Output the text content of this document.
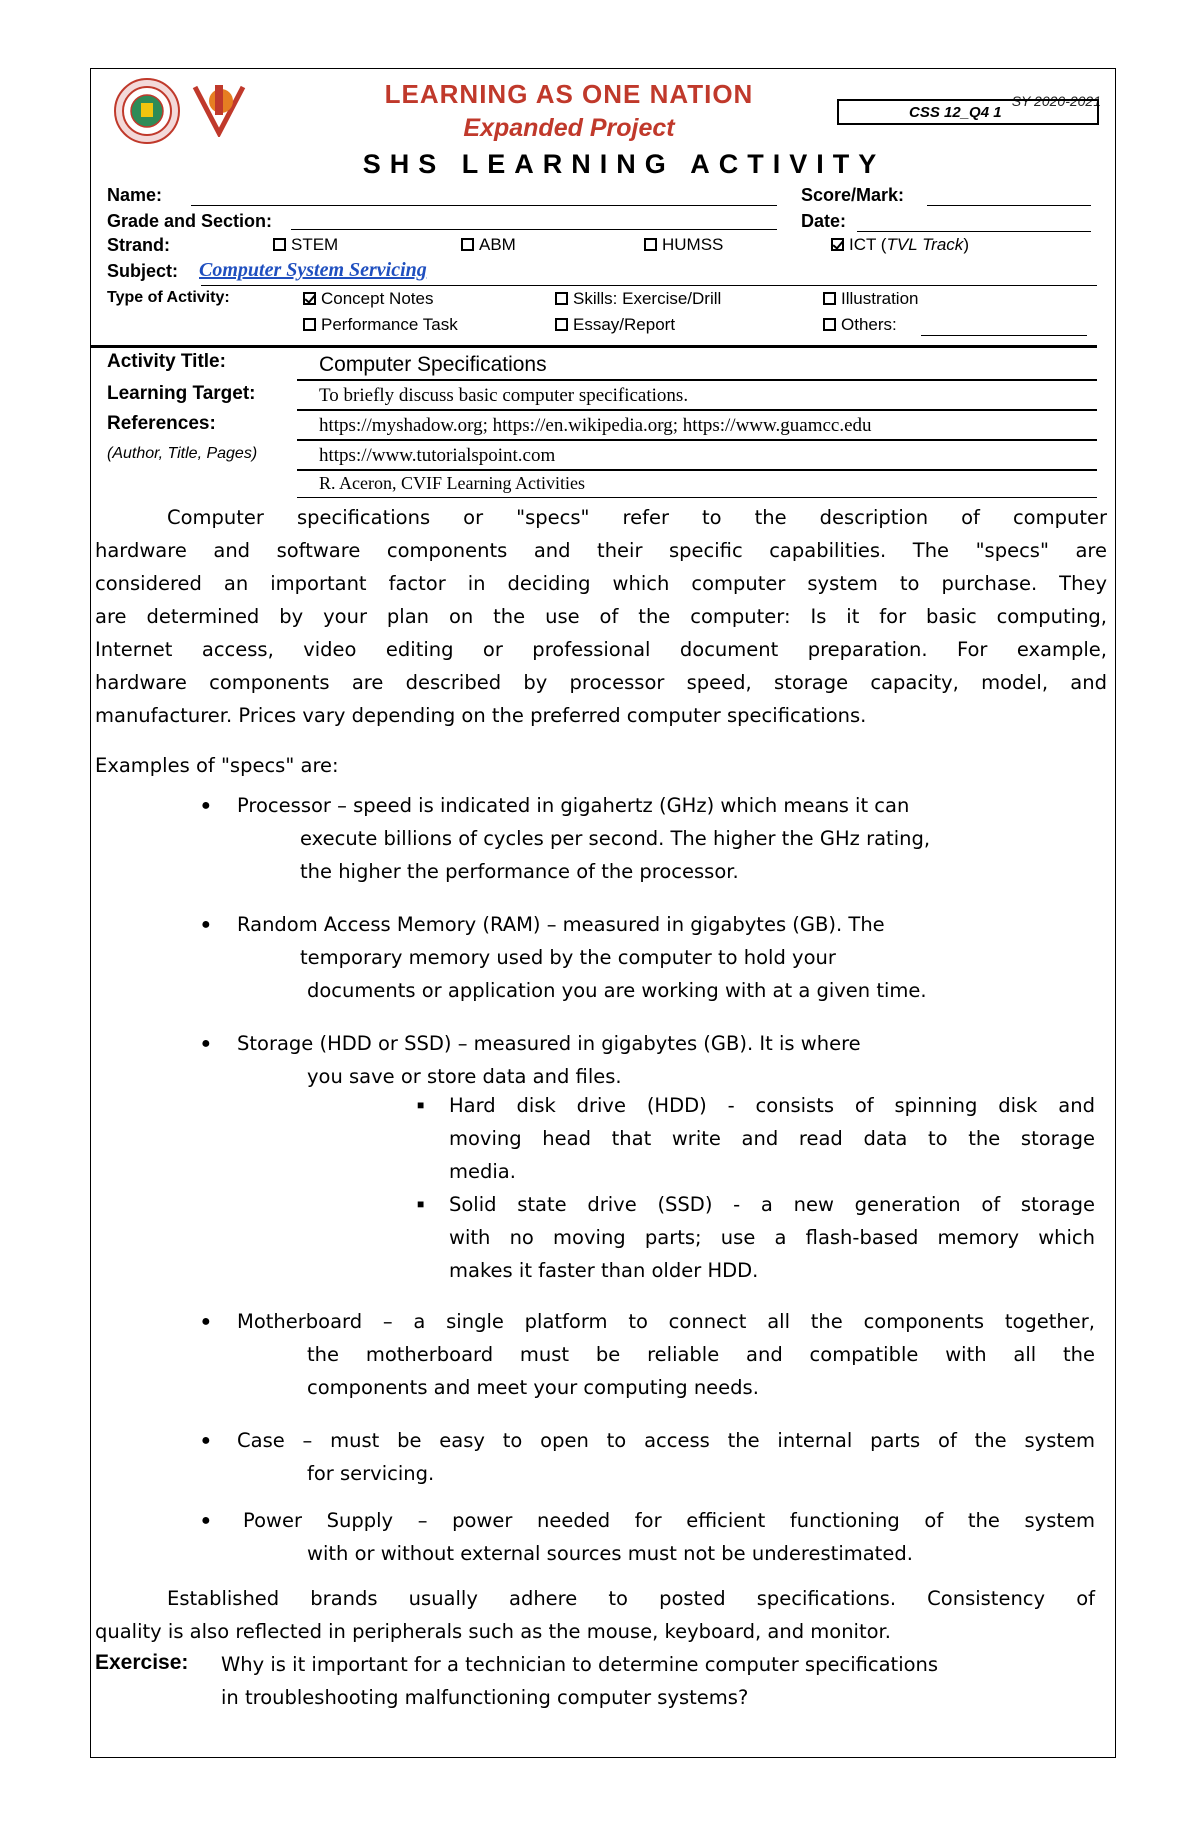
LEARNING AS ONE NATION
Expanded Project
SY 2020-2021
CSS 12_Q4 1
SHS LEARNING ACTIVITY
Name:	Score/Mark:
Grade and Section:	Date:
Strand:	STEM	ABM	HUMSS	ICT (TVL Track)
Subject: Computer System Servicing
Type of Activity:	Concept Notes	Skills: Exercise/Drill	Illustration
Performance Task	Essay/Report	Others:
Activity Title:	Computer Specifications
Learning Target:	To briefly discuss basic computer specifications.
References:	https://myshadow.org; https://en.wikipedia.org; https://www.guamcc.edu
(Author, Title, Pages)	https://www.tutorialspoint.com
R. Aceron, CVIF Learning Activities
Computer specifications or "specs" refer to the description of computer
hardware and software components and their specific capabilities. The "specs" are
considered an important factor in deciding which computer system to purchase. They
are determined by your plan on the use of the computer: Is it for basic computing,
Internet access, video editing or professional document preparation. For example,
hardware components are described by processor speed, storage capacity, model, and
manufacturer. Prices vary depending on the preferred computer specifications.
Examples of "specs" are:
● Processor – speed is indicated in gigahertz (GHz) which means it can
execute billions of cycles per second. The higher the GHz rating,
the higher the performance of the processor.
● Random Access Memory (RAM) – measured in gigabytes (GB). The
temporary memory used by the computer to hold your
documents or application you are working with at a given time.
● Storage (HDD or SSD) – measured in gigabytes (GB). It is where
you save or store data and files.
■ Hard disk drive (HDD) - consists of spinning disk and
moving head that write and read data to the storage
media.
■ Solid state drive (SSD) - a new generation of storage
with no moving parts; use a flash-based memory which
makes it faster than older HDD.
● Motherboard – a single platform to connect all the components together,
the motherboard must be reliable and compatible with all the
components and meet your computing needs.
● Case – must be easy to open to access the internal parts of the system
for servicing.
● Power Supply – power needed for efficient functioning of the system
with or without external sources must not be underestimated.
Established brands usually adhere to posted specifications. Consistency of
quality is also reflected in peripherals such as the mouse, keyboard, and monitor.
Exercise: Why is it important for a technician to determine computer specifications
in troubleshooting malfunctioning computer systems?
